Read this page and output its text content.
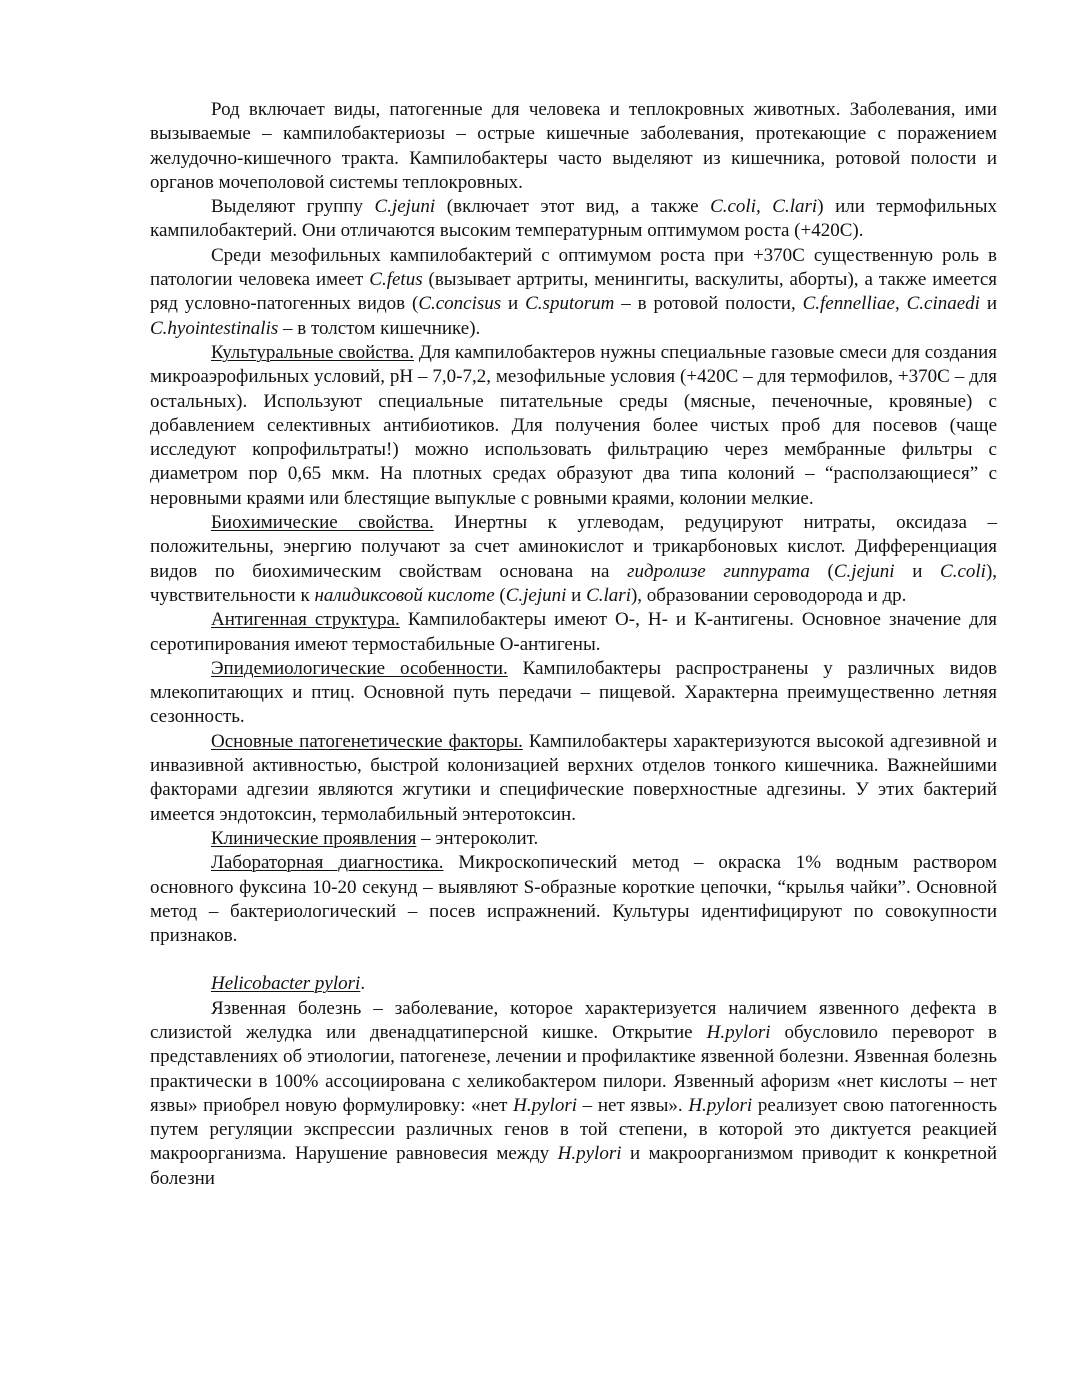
Род включает виды, патогенные для человека и теплокровных животных. Заболевания, ими вызываемые – кампилобактериозы – острые кишечные заболевания, протекающие с поражением желудочно-кишечного тракта. Кампилобактеры часто выделяют из кишечника, ротовой полости и органов мочеполовой системы теплокровных.

Выделяют группу C.jejuni (включает этот вид, а также C.coli, C.lari) или термофильных кампилобактерий. Они отличаются высоким температурным оптимумом роста (+420С).

Среди мезофильных кампилобактерий с оптимумом роста при +370С существенную роль в патологии человека имеет C.fetus (вызывает артриты, менингиты, васкулиты, аборты), а также имеется ряд условно-патогенных видов (C.concisus и C.sputorum – в ротовой полости, C.fennelliae, C.cinaedi и C.hyointestinalis – в толстом кишечнике).

Культуральные свойства. Для кампилобактеров нужны специальные газовые смеси для создания микроаэрофильных условий, рН – 7,0-7,2, мезофильные условия (+420С – для термофилов, +370С – для остальных). Используют специальные питательные среды (мясные, печеночные, кровяные) с добавлением селективных антибиотиков. Для получения более чистых проб для посевов (чаще исследуют копрофильтраты!) можно использовать фильтрацию через мембранные фильтры с диаметром пор 0,65 мкм. На плотных средах образуют два типа колоний – “расползающиеся” с неровными краями или блестящие выпуклые с ровными краями, колонии мелкие.

Биохимические свойства. Инертны к углеводам, редуцируют нитраты, оксидаза – положительны, энергию получают за счет аминокислот и трикарбоновых кислот. Дифференциация видов по биохимическим свойствам основана на гидролизе гиппурата (C.jejuni и C.coli), чувствительности к налидиксовой кислоте (C.jejuni и C.lari), образовании сероводорода и др.

Антигенная структура. Кампилобактеры имеют О-, Н- и К-антигены. Основное значение для серотипирования имеют термостабильные О-антигены.

Эпидемиологические особенности. Кампилобактеры распространены у различных видов млекопитающих и птиц. Основной путь передачи – пищевой. Характерна преимущественно летняя сезонность.

Основные патогенетические факторы. Кампилобактеры характеризуются высокой адгезивной и инвазивной активностью, быстрой колонизацией верхних отделов тонкого кишечника. Важнейшими факторами адгезии являются жгутики и специфические поверхностные адгезины. У этих бактерий имеется эндотоксин, термолабильный энтеротоксин.

Клинические проявления – энтероколит.

Лабораторная диагностика. Микроскопический метод – окраска 1% водным раствором основного фуксина 10-20 секунд – выявляют S-образные короткие цепочки, “крылья чайки”. Основной метод – бактериологический – посев испражнений. Культуры идентифицируют по совокупности признаков.

Helicobacter pylori.

Язвенная болезнь – заболевание, которое характеризуется наличием язвенного дефекта в слизистой желудка или двенадцатиперсной кишке. Открытие H.pylori обусловило переворот в представлениях об этиологии, патогенезе, лечении и профилактике язвенной болезни. Язвенная болезнь практически в 100% ассоциирована с хеликобактером пилори. Язвенный афоризм «нет кислоты – нет язвы» приобрел новую формулировку: «нет H.pylori – нет язвы». H.pylori реализует свою патогенность путем регуляции экспрессии различных генов в той степени, в которой это диктуется реакцией макроорганизма. Нарушение равновесия между H.pylori и макроорганизмом приводит к конкретной болезни
